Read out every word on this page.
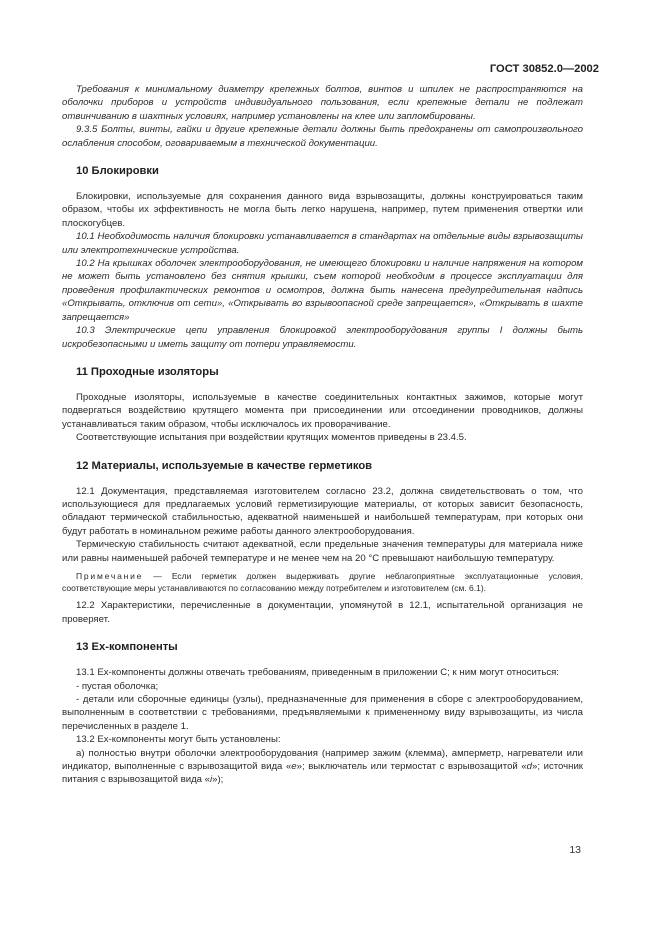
ГОСТ 30852.0—2002

Требования к минимальному диаметру крепежных болтов, винтов и шпилек не распространяются на оболочки приборов и устройств индивидуального пользования, если крепежные детали не подлежат отвинчиванию в шахтных условиях, например установлены на клее или запломбированы.

9.3.5 Болты, винты, гайки и другие крепежные детали должны быть предохранены от самопроизвольного ослабления способом, оговариваемым в технической документации.

10 Блокировки

Блокировки, используемые для сохранения данного вида взрывозащиты, должны конструироваться таким образом, чтобы их эффективность не могла быть легко нарушена, например, путем применения отвертки или плоскогубцев.

10.1 Необходимость наличия блокировки устанавливается в стандартах на отдельные виды взрывозащиты или электротехнические устройства.

10.2 На крышках оболочек электрооборудования, не имеющего блокировки и наличие напряжения на котором не может быть установлено без снятия крышки, съем которой необходим в процессе эксплуатации для проведения профилактических ремонтов и осмотров, должна быть нанесена предупредительная надпись «Открывать, отключив от сети», «Открывать во взрывоопасной среде запрещается», «Открывать в шахте запрещается»

10.3 Электрические цепи управления блокировкой электрооборудования группы I должны быть искробезопасными и иметь защиту от потери управляемости.

11 Проходные изоляторы

Проходные изоляторы, используемые в качестве соединительных контактных зажимов, которые могут подвергаться воздействию крутящего момента при присоединении или отсоединении проводников, должны устанавливаться таким образом, чтобы исключалось их проворачивание.

Соответствующие испытания при воздействии крутящих моментов приведены в 23.4.5.

12 Материалы, используемые в качестве герметиков

12.1 Документация, представляемая изготовителем согласно 23.2, должна свидетельствовать о том, что использующиеся для предлагаемых условий герметизирующие материалы, от которых зависит безопасность, обладают термической стабильностью, адекватной наименьшей и наибольшей температурам, при которых они будут работать в номинальном режиме работы данного электрооборудования.

Термическую стабильность считают адекватной, если предельные значения температуры для материала ниже или равны наименьшей рабочей температуре и не менее чем на 20 °С превышают наибольшую температуру.

Примечание — Если герметик должен выдерживать другие неблагоприятные эксплуатационные условия, соответствующие меры устанавливаются по согласованию между потребителем и изготовителем (см. 6.1).

12.2 Характеристики, перечисленные в документации, упомянутой в 12.1, испытательной организация не проверяет.

13 Ex-компоненты

13.1 Ex-компоненты должны отвечать требованиям, приведенным в приложении С; к ним могут относиться:

- пустая оболочка;

- детали или сборочные единицы (узлы), предназначенные для применения в сборе с электрооборудованием, выполненным в соответствии с требованиями, предъявляемыми к примененному виду взрывозащиты, из числа перечисленных в разделе 1.

13.2 Ex-компоненты могут быть установлены:

а) полностью внутри оболочки электрооборудования (например зажим (клемма), амперметр, нагреватели или индикатор, выполненные с взрывозащитой вида «е»; выключатель или термостат с взрывозащитой «d»; источник питания с взрывозащитой вида «i»);

13
